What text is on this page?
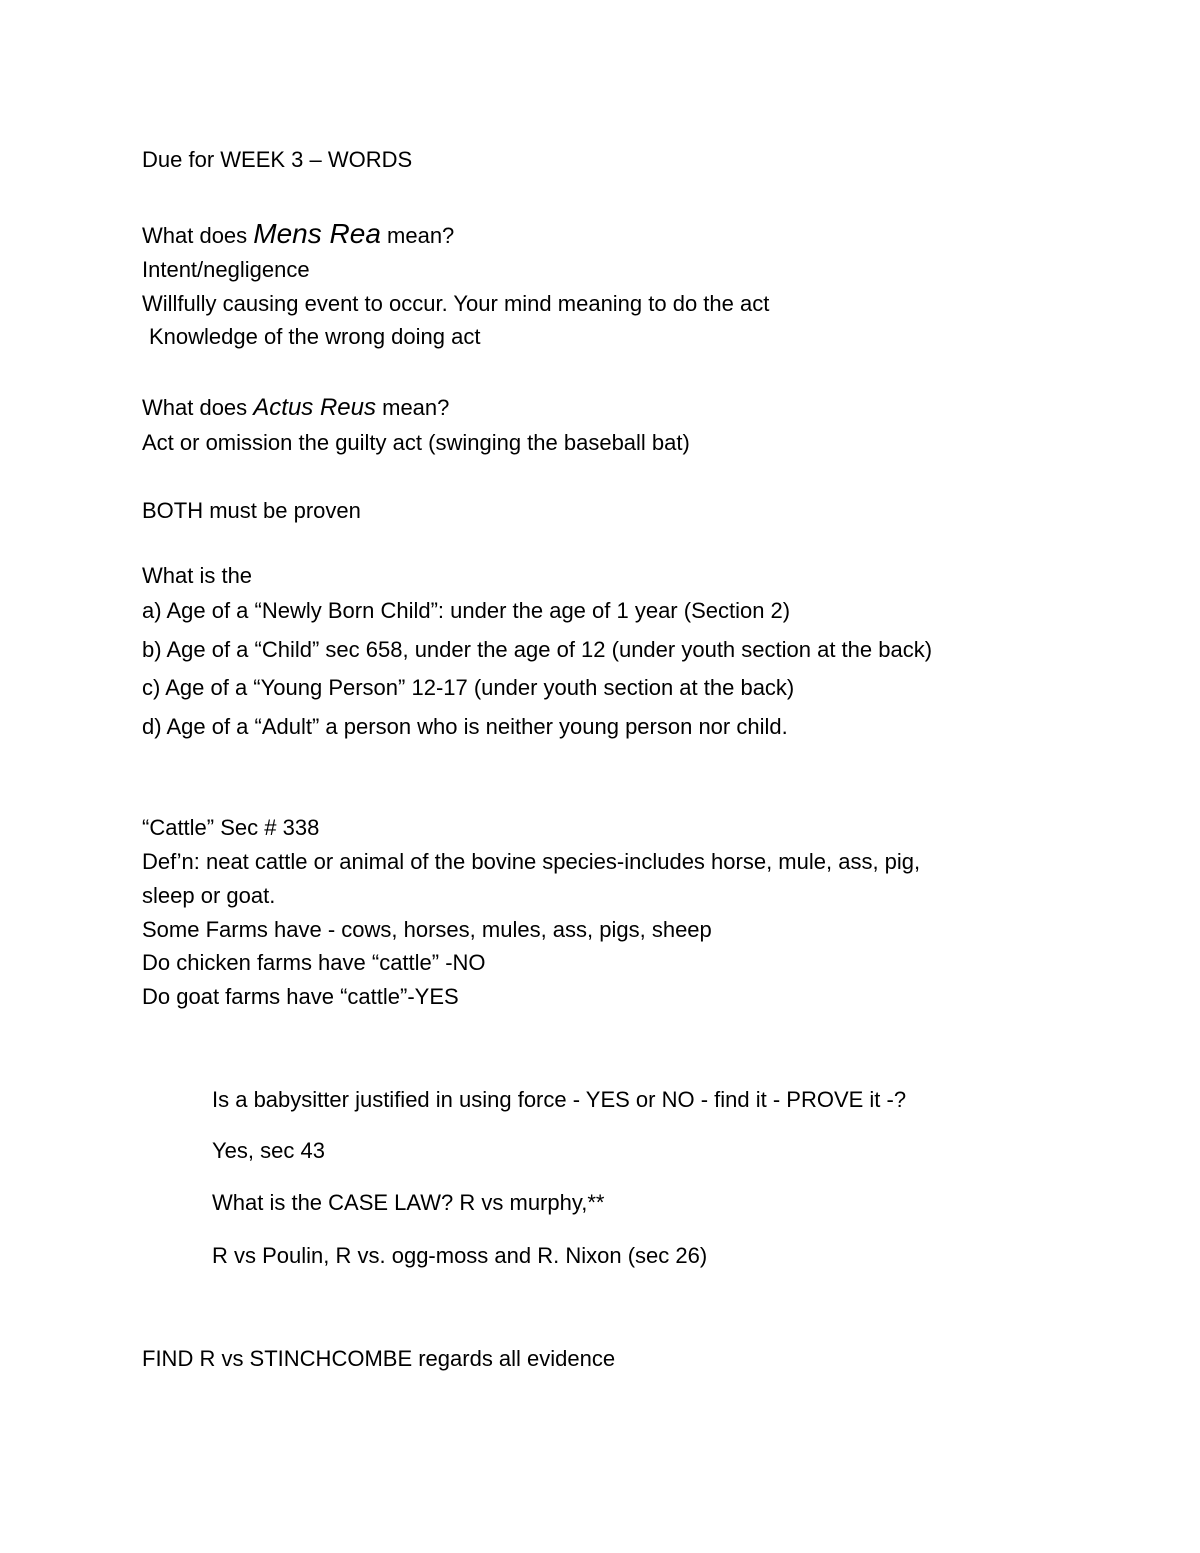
Due for WEEK 3 – WORDS
What does Mens Rea mean?
Intent/negligence
Willfully causing event to occur. Your mind meaning to do the act
Knowledge of the wrong doing act
What does Actus Reus mean?
Act or omission the guilty act (swinging the baseball bat)
BOTH must be proven
What is the
a) Age of a “Newly Born Child”: under the age of 1 year (Section 2)
b) Age of a “Child” sec 658, under the age of 12 (under youth section at the back)
c) Age of a “Young Person” 12-17 (under youth section at the back)
d) Age of a “Adult” a person who is neither young person nor child.
“Cattle” Sec # 338
Def’n: neat cattle or animal of the bovine species-includes horse, mule, ass, pig,
sleep or goat.
Some Farms have - cows, horses, mules, ass, pigs, sheep
Do chicken farms have “cattle” -NO
Do goat farms have “cattle”-YES
Is a babysitter justified in using force - YES or NO - find it - PROVE it -?
Yes, sec 43
What is the CASE LAW? R vs murphy,**
R vs Poulin, R vs. ogg-moss and R. Nixon (sec 26)
FIND R vs STINCHCOMBE regards all evidence
